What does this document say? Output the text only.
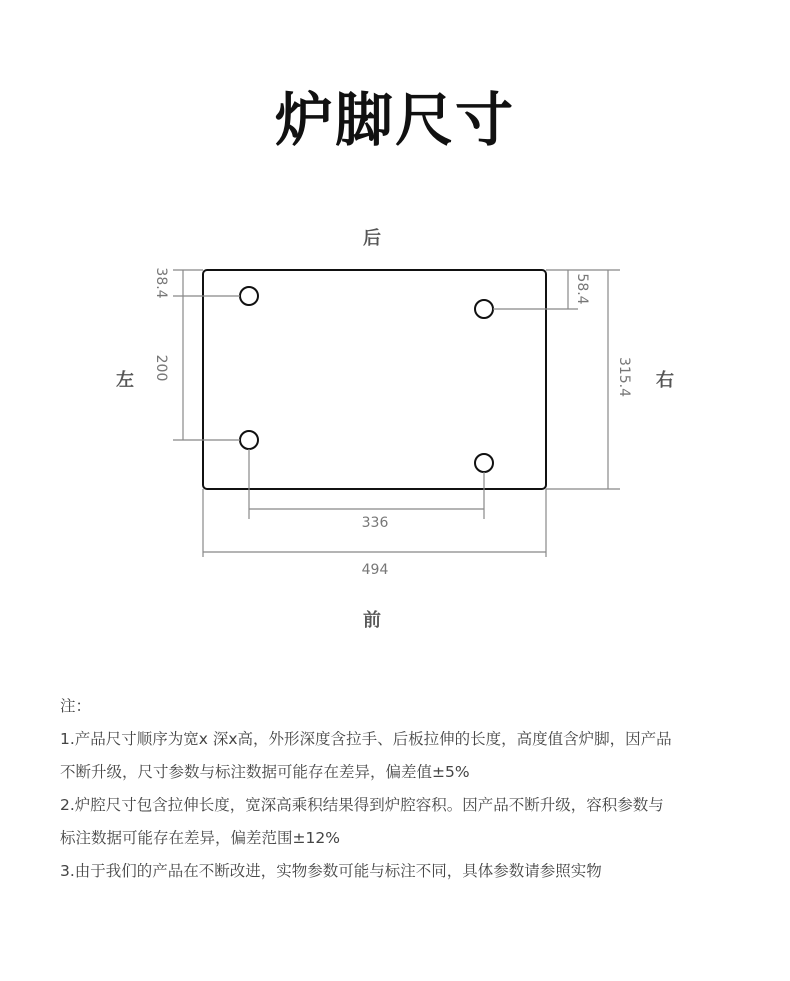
炉脚尺寸
后
前
左	右
38.4
200
58.4
315.4
336
494
注：
1.产品尺寸顺序为宽x 深x高，外形深度含拉手、后板拉伸的长度，高度值含炉脚，因产品
不断升级，尺寸参数与标注数据可能存在差异，偏差值±5%
2.炉腔尺寸包含拉伸长度，宽深高乘积结果得到炉腔容积。因产品不断升级，容积参数与
标注数据可能存在差异，偏差范围±12%
3.由于我们的产品在不断改进，实物参数可能与标注不同，具体参数请参照实物
